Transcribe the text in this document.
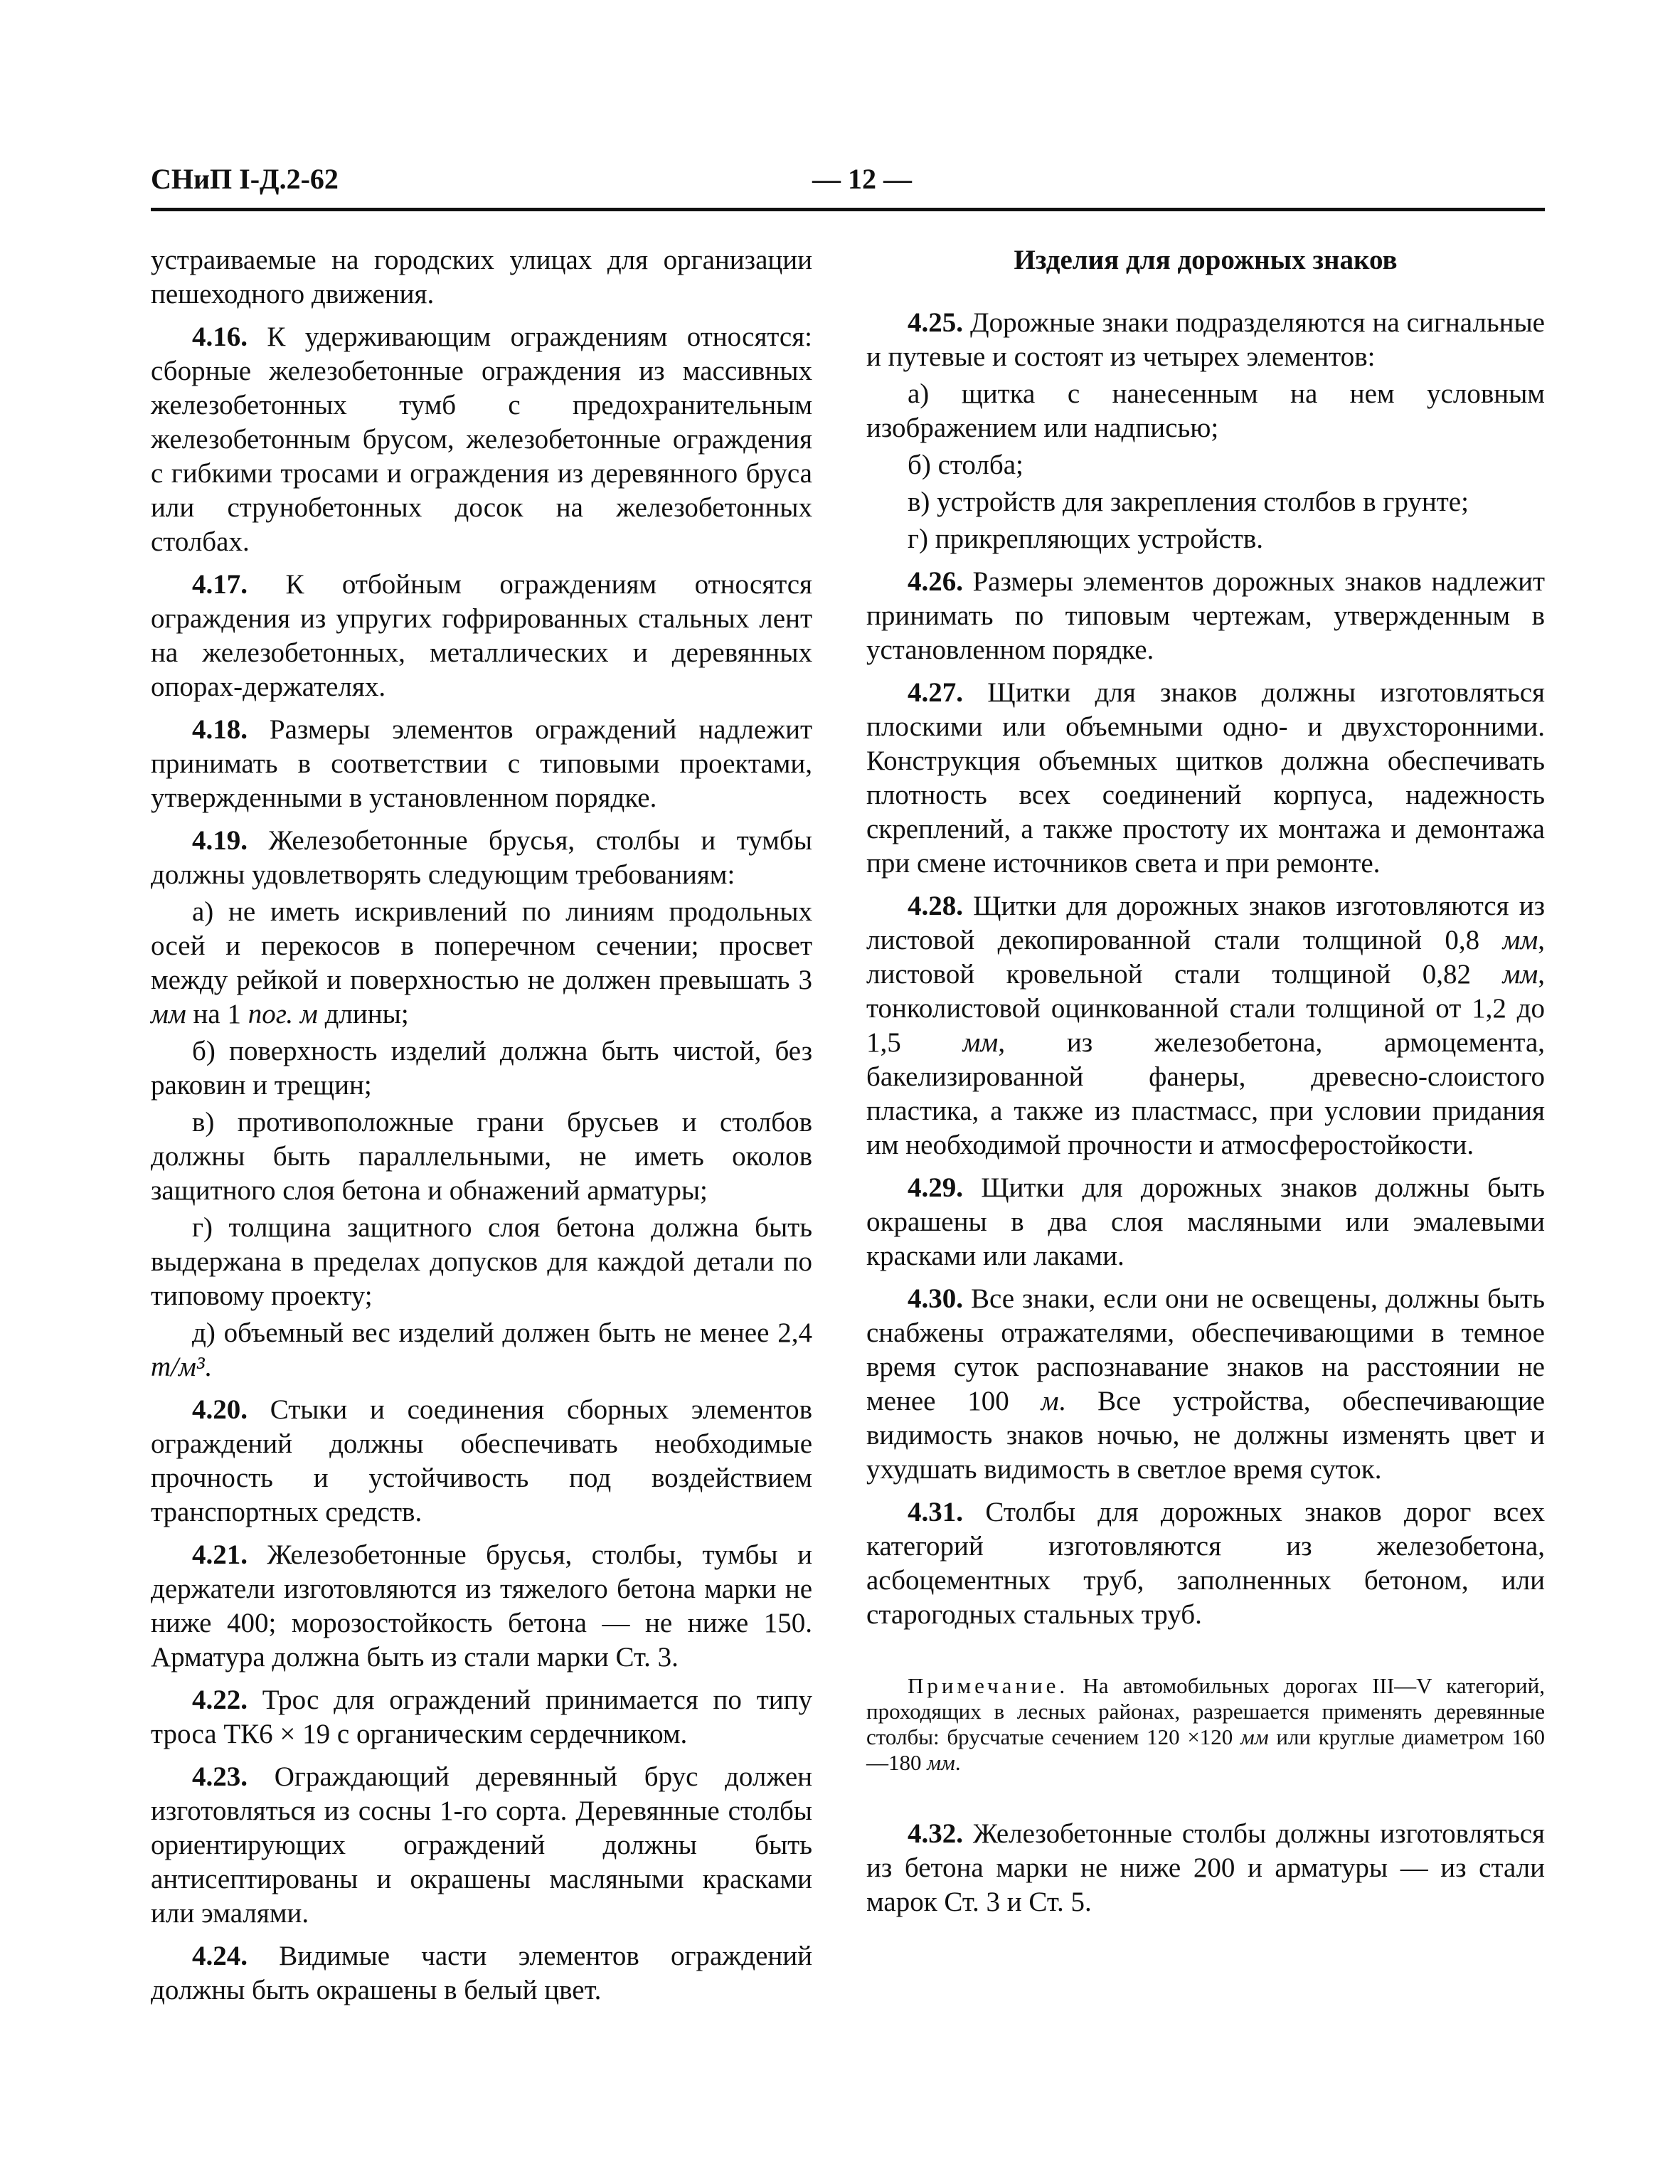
СНиП I-Д.2-62	— 12 —

устраиваемые на городских улицах для организации пешеходного движения.

4.16. К удерживающим ограждениям относятся: сборные железобетонные ограждения из массивных железобетонных тумб с предохранительным железобетонным брусом, железобетонные ограждения с гибкими тросами и ограждения из деревянного бруса или струнобетонных досок на железобетонных столбах.

4.17. К отбойным ограждениям относятся ограждения из упругих гофрированных стальных лент на железобетонных, металлических и деревянных опорах-держателях.

4.18. Размеры элементов ограждений надлежит принимать в соответствии с типовыми проектами, утвержденными в установленном порядке.

4.19. Железобетонные брусья, столбы и тумбы должны удовлетворять следующим требованиям:

а) не иметь искривлений по линиям продольных осей и перекосов в поперечном сечении; просвет между рейкой и поверхностью не должен превышать 3 мм на 1 пог. м длины;

б) поверхность изделий должна быть чистой, без раковин и трещин;

в) противоположные грани брусьев и столбов должны быть параллельными, не иметь околов защитного слоя бетона и обнажений арматуры;

г) толщина защитного слоя бетона должна быть выдержана в пределах допусков для каждой детали по типовому проекту;

д) объемный вес изделий должен быть не менее 2,4 т/м³.

4.20. Стыки и соединения сборных элементов ограждений должны обеспечивать необходимые прочность и устойчивость под воздействием транспортных средств.

4.21. Железобетонные брусья, столбы, тумбы и держатели изготовляются из тяжелого бетона марки не ниже 400; морозостойкость бетона — не ниже 150. Арматура должна быть из стали марки Ст. 3.

4.22. Трос для ограждений принимается по типу троса ТК6 × 19 с органическим сердечником.

4.23. Ограждающий деревянный брус должен изготовляться из сосны 1-го сорта. Деревянные столбы ориентирующих ограждений должны быть антисептированы и окрашены масляными красками или эмалями.

4.24. Видимые части элементов ограждений должны быть окрашены в белый цвет.

Изделия для дорожных знаков

4.25. Дорожные знаки подразделяются на сигнальные и путевые и состоят из четырех элементов:

а) щитка с нанесенным на нем условным изображением или надписью;

б) столба;

в) устройств для закрепления столбов в грунте;

г) прикрепляющих устройств.

4.26. Размеры элементов дорожных знаков надлежит принимать по типовым чертежам, утвержденным в установленном порядке.

4.27. Щитки для знаков должны изготовляться плоскими или объемными одно- и двухсторонними. Конструкция объемных щитков должна обеспечивать плотность всех соединений корпуса, надежность скреплений, а также простоту их монтажа и демонтажа при смене источников света и при ремонте.

4.28. Щитки для дорожных знаков изготовляются из листовой декопированной стали толщиной 0,8 мм, листовой кровельной стали толщиной 0,82 мм, тонколистовой оцинкованной стали толщиной от 1,2 до 1,5 мм, из железобетона, армоцемента, бакелизированной фанеры, древесно-слоистого пластика, а также из пластмасс, при условии придания им необходимой прочности и атмосферостойкости.

4.29. Щитки для дорожных знаков должны быть окрашены в два слоя масляными или эмалевыми красками или лаками.

4.30. Все знаки, если они не освещены, должны быть снабжены отражателями, обеспечивающими в темное время суток распознавание знаков на расстоянии не менее 100 м. Все устройства, обеспечивающие видимость знаков ночью, не должны изменять цвет и ухудшать видимость в светлое время суток.

4.31. Столбы для дорожных знаков дорог всех категорий изготовляются из железобетона, асбоцементных труб, заполненных бетоном, или старогодных стальных труб.

Примечание. На автомобильных дорогах III—V категорий, проходящих в лесных районах, разрешается применять деревянные столбы: брусчатые сечением 120 ×120 мм или круглые диаметром 160—180 мм.

4.32. Железобетонные столбы должны изготовляться из бетона марки не ниже 200 и арматуры — из стали марок Ст. 3 и Ст. 5.
